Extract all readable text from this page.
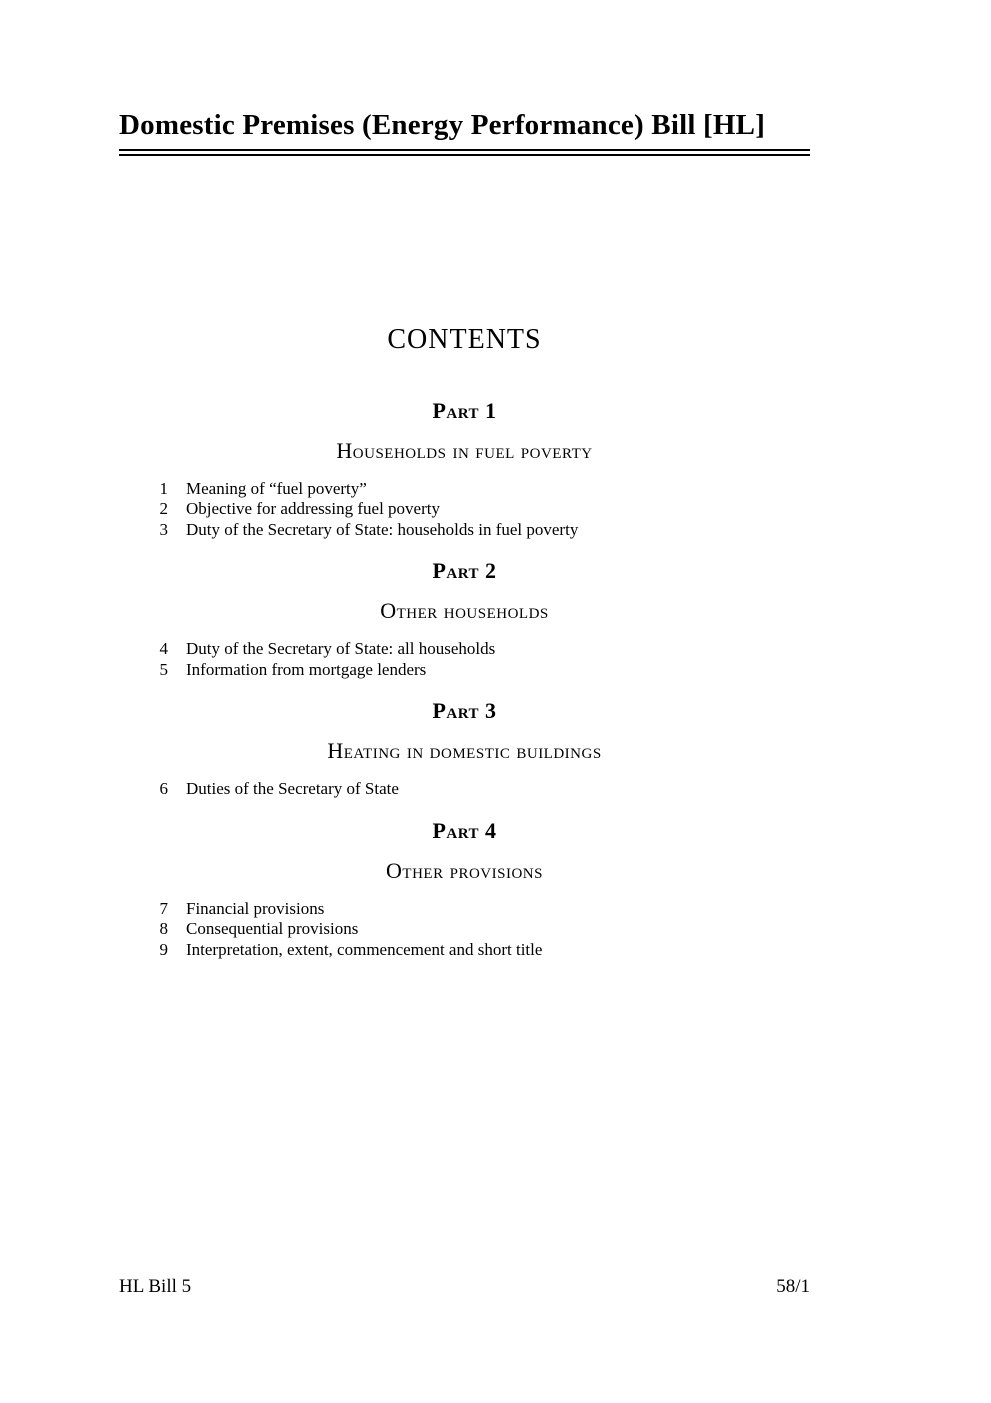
Domestic Premises (Energy Performance) Bill [HL]
CONTENTS
Part 1
Households in fuel poverty
1	Meaning of “fuel poverty”
2	Objective for addressing fuel poverty
3	Duty of the Secretary of State: households in fuel poverty
Part 2
Other households
4	Duty of the Secretary of State: all households
5	Information from mortgage lenders
Part 3
Heating in domestic buildings
6	Duties of the Secretary of State
Part 4
Other provisions
7	Financial provisions
8	Consequential provisions
9	Interpretation, extent, commencement and short title
HL Bill 5	58/1
